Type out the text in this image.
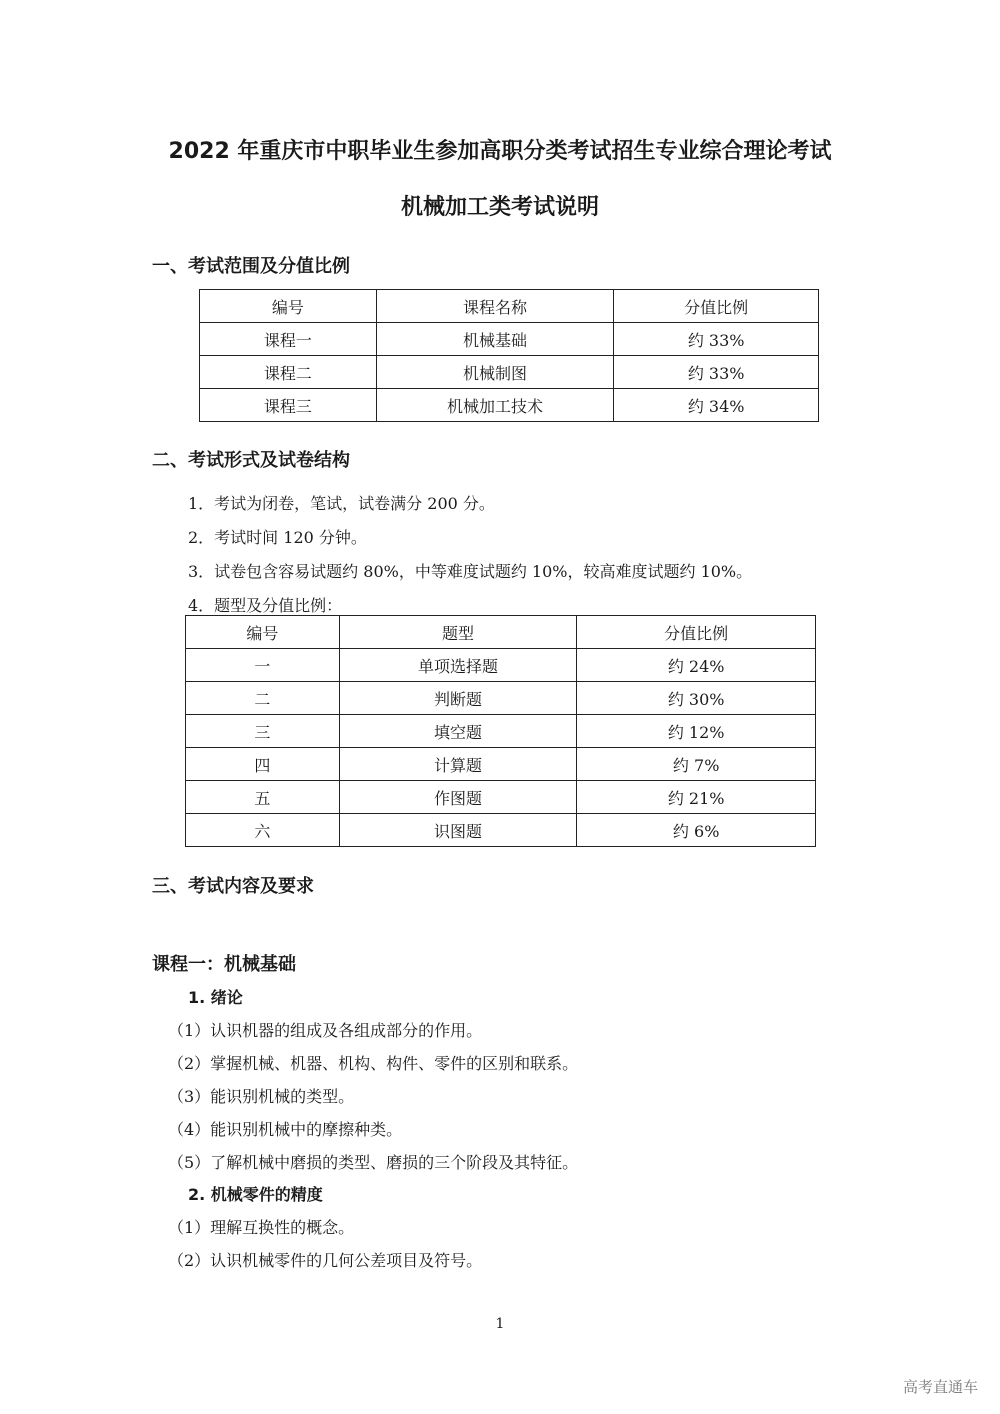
2022 年重庆市中职毕业生参加高职分类考试招生专业综合理论考试
机械加工类考试说明
一、考试范围及分值比例
编号	课程名称	分值比例
课程一	机械基础	约 33%
课程二	机械制图	约 33%
课程三	机械加工技术	约 34%
二、考试形式及试卷结构
1．考试为闭卷，笔试，试卷满分 200 分。
2．考试时间 120 分钟。
3．试卷包含容易试题约 80%，中等难度试题约 10%，较高难度试题约 10%。
4．题型及分值比例：
编号	题型	分值比例
一	单项选择题	约 24%
二	判断题	约 30%
三	填空题	约 12%
四	计算题	约 7%
五	作图题	约 21%
六	识图题	约 6%
三、考试内容及要求
课程一：机械基础
1. 绪论
（1）认识机器的组成及各组成部分的作用。
（2）掌握机械、机器、机构、构件、零件的区别和联系。
（3）能识别机械的类型。
（4）能识别机械中的摩擦种类。
（5）了解机械中磨损的类型、磨损的三个阶段及其特征。
2. 机械零件的精度
（1）理解互换性的概念。
（2）认识机械零件的几何公差项目及符号。
1
高考直通车
